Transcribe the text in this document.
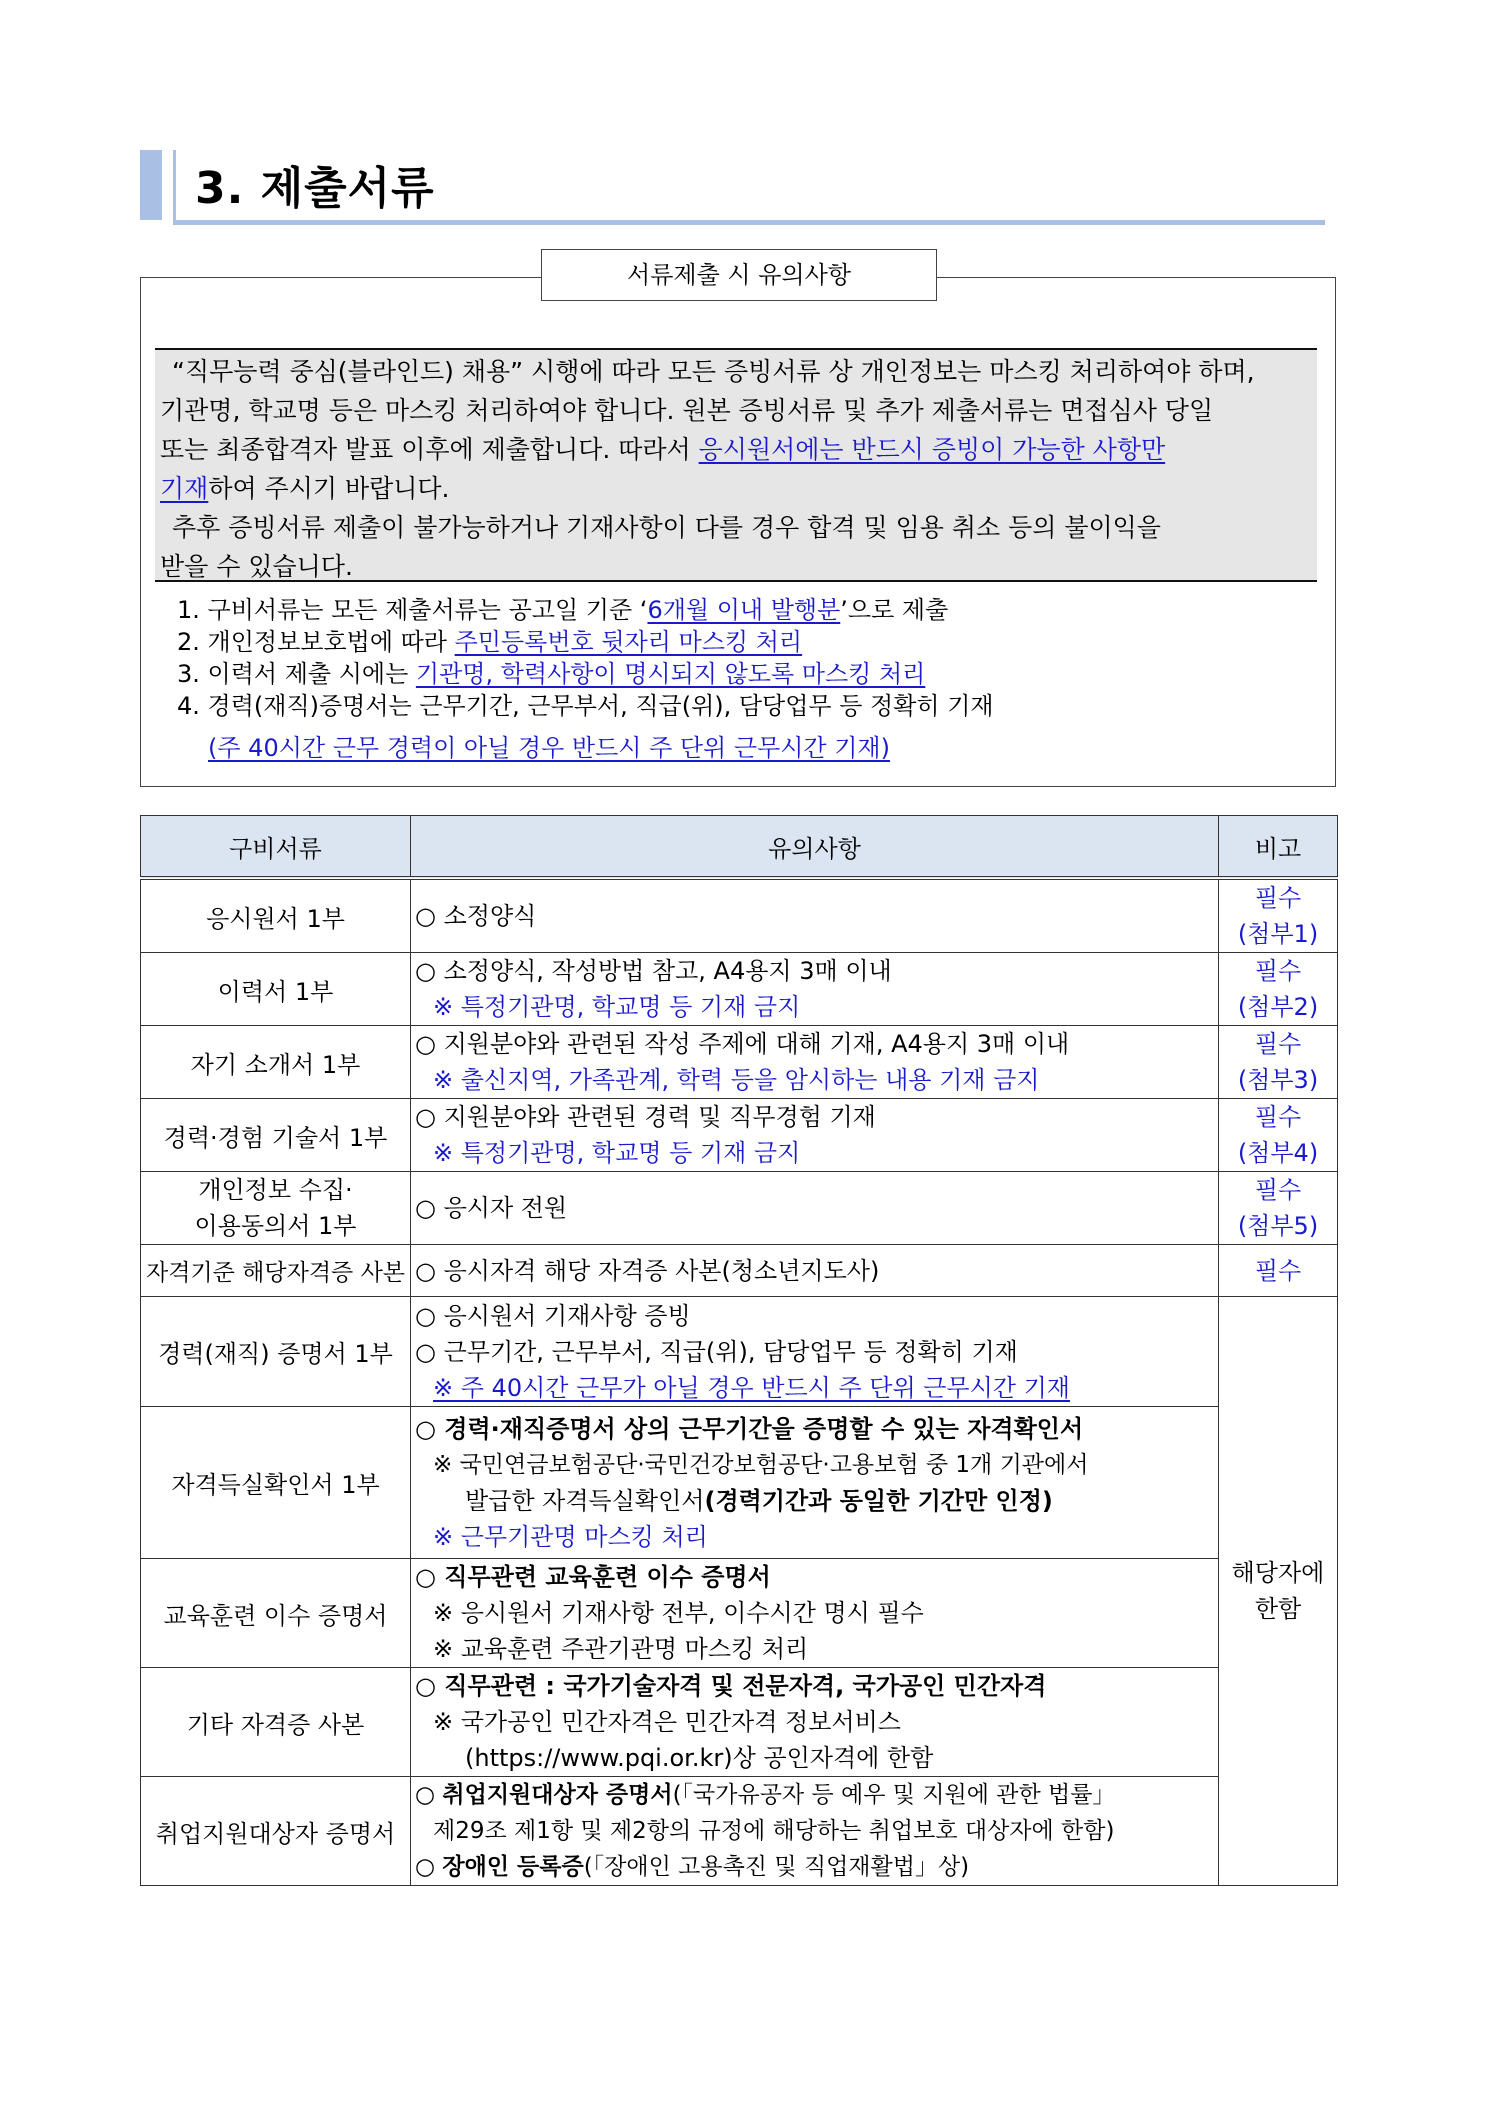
3. 제출서류
서류제출 시 유의사항
“직무능력 중심(블라인드) 채용” 시행에 따라 모든 증빙서류 상 개인정보는 마스킹 처리하여야 하며,
기관명, 학교명 등은 마스킹 처리하여야 합니다. 원본 증빙서류 및 추가 제출서류는 면접심사 당일
또는 최종합격자 발표 이후에 제출합니다. 따라서 응시원서에는 반드시 증빙이 가능한 사항만
기재하여 주시기 바랍니다.
추후 증빙서류 제출이 불가능하거나 기재사항이 다를 경우 합격 및 임용 취소 등의 불이익을
받을 수 있습니다.
1. 구비서류는 모든 제출서류는 공고일 기준 ‘6개월 이내 발행분’으로 제출
2. 개인정보보호법에 따라 주민등록번호 뒷자리 마스킹 처리
3. 이력서 제출 시에는 기관명, 학력사항이 명시되지 않도록 마스킹 처리
4. 경력(재직)증명서는 근무기간, 근무부서, 직급(위), 담당업무 등 정확히 기재
(주 40시간 근무 경력이 아닐 경우 반드시 주 단위 근무시간 기재)
구비서류	유의사항	비고
응시원서 1부	○ 소정양식	필수
(첨부1)

이력서 1부	○ 소정양식, 작성방법 참고, A4용지 3매 이내
※ 특정기관명, 학교명 등 기재 금지	필수
(첨부2)

자기 소개서 1부	○ 지원분야와 관련된 작성 주제에 대해 기재, A4용지 3매 이내
※ 출신지역, 가족관계, 학력 등을 암시하는 내용 기재 금지	필수
(첨부3)

경력·경험 기술서 1부	○ 지원분야와 관련된 경력 및 직무경험 기재
※ 특정기관명, 학교명 등 기재 금지	필수
(첨부4)

개인정보 수집·
이용동의서 1부	○ 응시자 전원	필수
(첨부5)

자격기준 해당자격증 사본	○ 응시자격 해당 자격증 사본(청소년지도사)	필수

경력(재직) 증명서 1부	○ 응시원서 기재사항 증빙
○ 근무기간, 근무부서, 직급(위), 담당업무 등 정확히 기재
※ 주 40시간 근무가 아닐 경우 반드시 주 단위 근무시간 기재	해당자에
한함

자격득실확인서 1부	○ 경력·재직증명서 상의 근무기간을 증명할 수 있는 자격확인서
※ 국민연금보험공단·국민건강보험공단·고용보험 중 1개 기관에서
발급한 자격득실확인서(경력기간과 동일한 기간만 인정)
※ 근무기관명 마스킹 처리	

교육훈련 이수 증명서	○ 직무관련 교육훈련 이수 증명서
※ 응시원서 기재사항 전부, 이수시간 명시 필수
※ 교육훈련 주관기관명 마스킹 처리	

기타 자격증 사본	○ 직무관련 : 국가기술자격 및 전문자격, 국가공인 민간자격
※ 국가공인 민간자격은 민간자격 정보서비스
(https://www.pqi.or.kr)상 공인자격에 한함	

취업지원대상자 증명서	○ 취업지원대상자 증명서(「국가유공자 등 예우 및 지원에 관한 법률」
제29조 제1항 및 제2항의 규정에 해당하는 취업보호 대상자에 한함)
○ 장애인 등록증(「장애인 고용촉진 및 직업재활법」상)	
